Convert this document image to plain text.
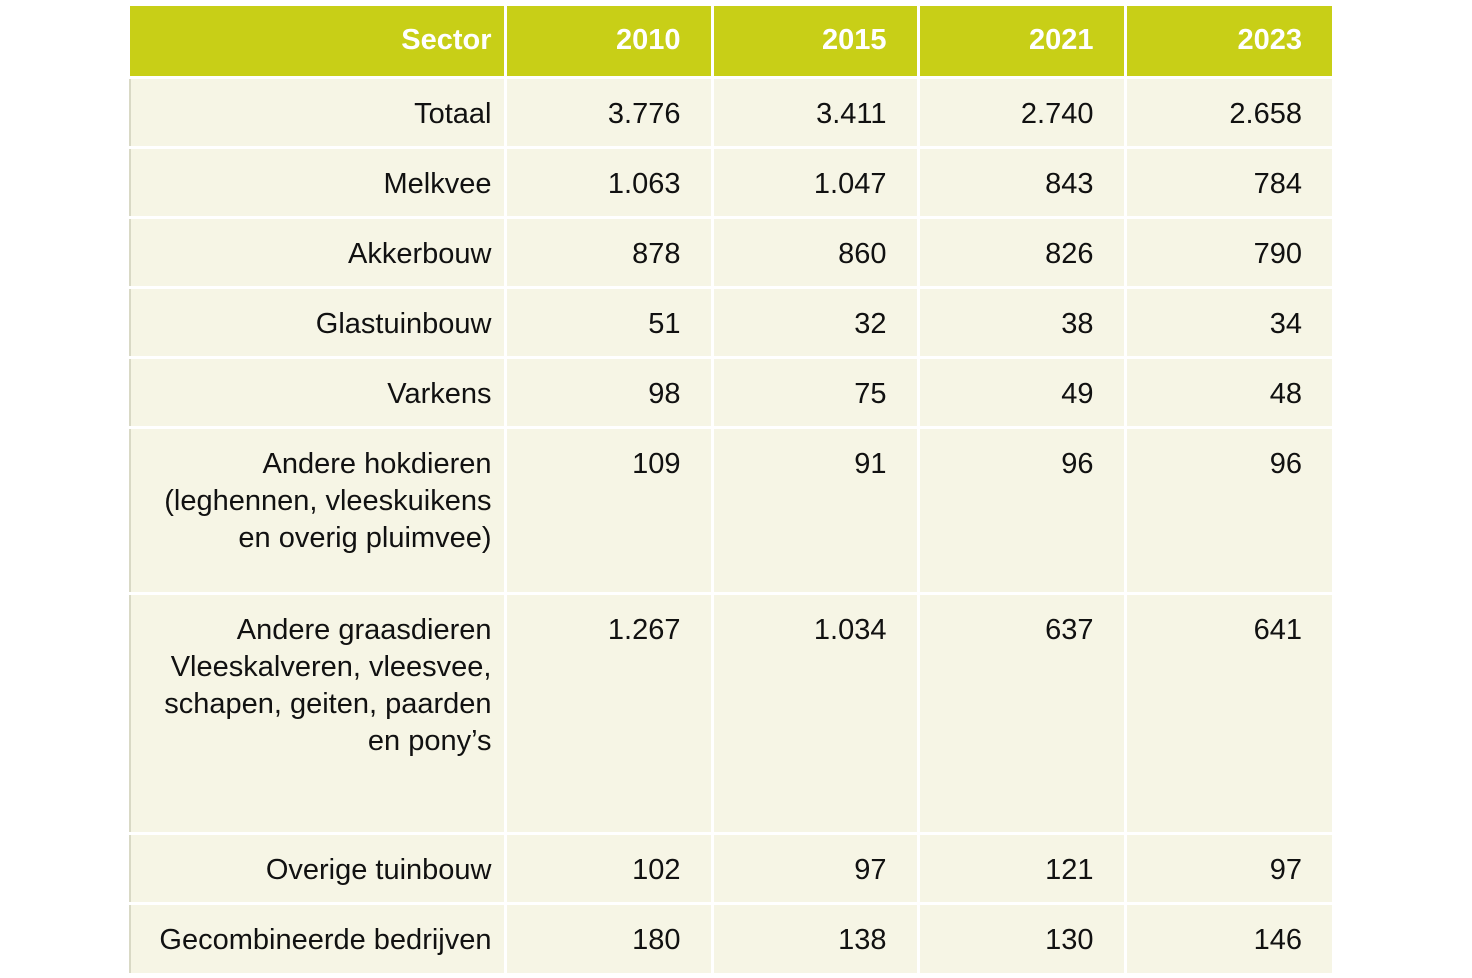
Sector	2010	2015	2021	2023
Totaal	3.776	3.411	2.740	2.658
Melkvee	1.063	1.047	843	784
Akkerbouw	878	860	826	790
Glastuinbouw	51	32	38	34
Varkens	98	75	49	48
Andere hokdieren (leghennen, vleeskuikens en overig pluimvee)	109	91	96	96
Andere graasdieren Vleeskalveren, vleesvee, schapen, geiten, paarden en pony’s	1.267	1.034	637	641
Overige tuinbouw	102	97	121	97
Gecombineerde bedrijven	180	138	130	146
